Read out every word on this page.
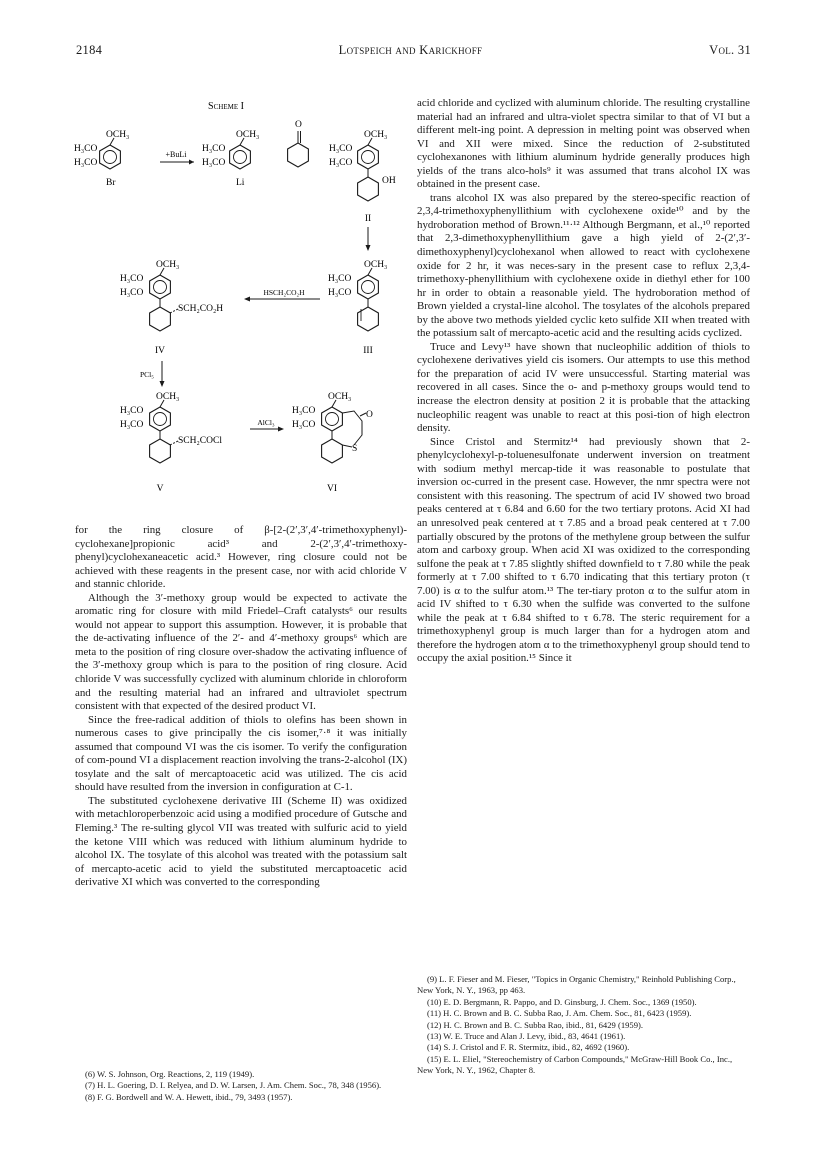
2184	Lotspeich and Karickhoff	Vol. 31
Scheme I
OCH₃
H₃CO
H₃CO
Br
+BuLi
OCH₃
H₃CO
H₃CO
Li
O
OCH₃
H₃CO
H₃CO
OH
II
OCH₃
H₃CO
H₃CO
III
HSCH₂CO₂H
OCH₃
H₃CO
H₃CO
SCH₂CO₂H
IV
PCl₅
OCH₃
H₃CO
H₃CO
SCH₂COCl
V
AlCl₃
OCH₃
H₃CO
H₃CO
O
S
VI

for the ring closure of β-[2-(2′,3′,4′-trimethoxyphenyl)-cyclohexane]propionic acid³ and 2-(2′,3′,4′-trimethoxy-phenyl)cyclohexaneacetic acid.³ However, ring closure could not be achieved with these reagents in the present case, nor with acid chloride V and stannic chloride.

Although the 3′-methoxy group would be expected to activate the aromatic ring for closure with mild Friedel–Craft catalysts⁶ our results would not appear to support this assumption. However, it is probable that the de-activating influence of the 2′- and 4′-methoxy groups⁶ which are meta to the position of ring closure over-shadow the activating influence of the 3′-methoxy group which is para to the position of ring closure. Acid chloride V was successfully cyclized with aluminum chloride in chloroform and the resulting material had an infrared and ultraviolet spectrum consistent with that expected of the desired product VI.

Since the free-radical addition of thiols to olefins has been shown in numerous cases to give principally the cis isomer,⁷·⁸ it was initially assumed that compound VI was the cis isomer. To verify the configuration of com-pound VI a displacement reaction involving the trans-2-alcohol (IX) tosylate and the salt of mercaptoacetic acid was utilized. The cis acid should have resulted from the inversion in configuration at C-1.

The substituted cyclohexene derivative III (Scheme II) was oxidized with metachloroperbenzoic acid using a modified procedure of Gutsche and Fleming.³ The re-sulting glycol VII was treated with sulfuric acid to yield the ketone VIII which was reduced with lithium aluminum hydride to alcohol IX. The tosylate of this alcohol was treated with the potassium salt of mercapto-acetic acid to yield the substituted mercaptoacetic acid derivative XI which was converted to the corresponding

(6) W. S. Johnson, Org. Reactions, 2, 119 (1949).
(7) H. L. Goering, D. I. Relyea, and D. W. Larsen, J. Am. Chem. Soc., 78, 348 (1956).
(8) F. G. Bordwell and W. A. Hewett, ibid., 79, 3493 (1957).

acid chloride and cyclized with aluminum chloride. The resulting crystalline material had an infrared and ultra-violet spectra similar to that of VI but a different melt-ing point. A depression in melting point was observed when VI and XII were mixed. Since the reduction of 2-substituted cyclohexanones with lithium aluminum hydride generally produces high yields of the trans alco-hols⁹ it was assumed that trans alcohol IX was obtained in the present case.

trans alcohol IX was also prepared by the stereo-specific reaction of 2,3,4-trimethoxyphenyllithium with cyclohexene oxide¹⁰ and by the hydroboration method of Brown.¹¹·¹² Although Bergmann, et al.,¹⁰ reported that 2,3-dimethoxyphenyllithium gave a high yield of 2-(2′,3′-dimethoxyphenyl)cyclohexanol when allowed to react with cyclohexene oxide for 2 hr, it was neces-sary in the present case to reflux 2,3,4-trimethoxy-phenyllithium with cyclohexene oxide in diethyl ether for 100 hr in order to obtain a reasonable yield. The hydroboration method of Brown yielded a crystal-line alcohol. The tosylates of the alcohols prepared by the above two methods yielded cyclic keto sulfide XII when treated with the potassium salt of mercapto-acetic acid and the resulting acids cyclized.

Truce and Levy¹³ have shown that nucleophilic addition of thiols to cyclohexene derivatives yield cis isomers. Our attempts to use this method for the preparation of acid IV were unsuccessful. Starting material was recovered in all cases. Since the o- and p-methoxy groups would tend to increase the electron density at position 2 it is probable that the attacking nucleophilic reagent was unable to react at this posi-tion of high electron density.

Since Cristol and Stermitz¹⁴ had previously shown that 2-phenylcyclohexyl-p-toluenesulfonate underwent inversion on treatment with sodium methyl mercap-tide it was reasonable to postulate that inversion oc-curred in the present case. However, the nmr spectra were not consistent with this reasoning. The spectrum of acid IV showed two broad peaks centered at τ 6.84 and 6.60 for the two tertiary protons. Acid XI had an unresolved peak centered at τ 7.85 and a broad peak centered at τ 7.00 partially obscured by the protons of the methylene group between the sulfur atom and carboxy group. When acid XI was oxidized to the corresponding sulfone the peak at τ 7.85 slightly shifted downfield to τ 7.80 while the peak formerly at τ 7.00 shifted to τ 6.70 indicating that this tertiary proton (τ 7.00) is α to the sulfur atom.¹³ The ter-tiary proton α to the sulfur atom in acid IV shifted to τ 6.30 when the sulfide was converted to the sulfone while the peak at τ 6.84 shifted to τ 6.78. The steric requirement for a trimethoxyphenyl group is much larger than for a hydrogen atom and therefore the hydrogen atom α to the trimethoxyphenyl group should tend to occupy the axial position.¹⁵ Since it

(9) L. F. Fieser and M. Fieser, "Topics in Organic Chemistry," Reinhold Publishing Corp., New York, N. Y., 1963, pp 463.
(10) E. D. Bergmann, R. Pappo, and D. Ginsburg, J. Chem. Soc., 1369 (1950).
(11) H. C. Brown and B. C. Subba Rao, J. Am. Chem. Soc., 81, 6423 (1959).
(12) H. C. Brown and B. C. Subba Rao, ibid., 81, 6429 (1959).
(13) W. E. Truce and Alan J. Levy, ibid., 83, 4641 (1961).
(14) S. J. Cristol and F. R. Stermitz, ibid., 82, 4692 (1960).
(15) E. L. Eliel, "Stereochemistry of Carbon Compounds," McGraw-Hill Book Co., Inc., New York, N. Y., 1962, Chapter 8.
